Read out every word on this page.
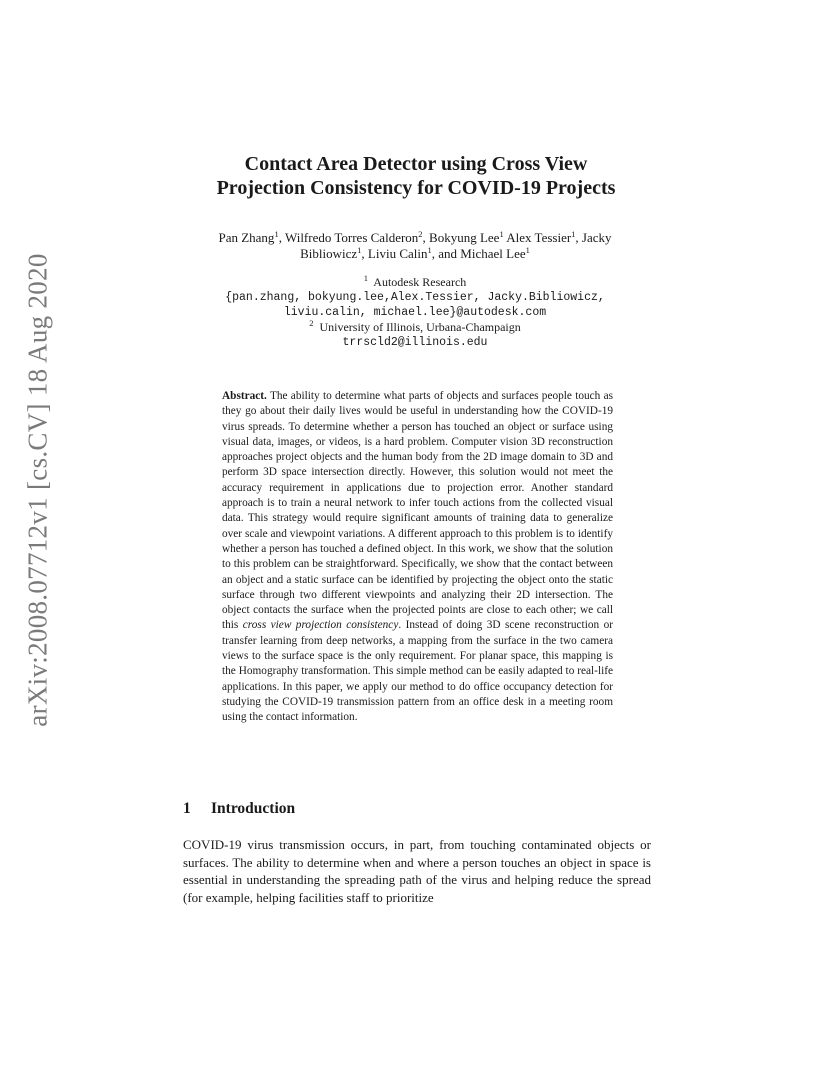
arXiv:2008.07712v1 [cs.CV] 18 Aug 2020
Contact Area Detector using Cross View
Projection Consistency for COVID-19 Projects
Pan Zhang$^1$, Wilfredo Torres Calderon$^2$, Bokyung Lee$^1$ Alex Tessier$^1$, Jacky
Bibliowicz$^1$, Liviu Calin$^1$, and Michael Lee$^1$
$^1$ Autodesk Research
{pan.zhang, bokyung.lee,Alex.Tessier, Jacky.Bibliowicz,
liviu.calin, michael.lee}@autodesk.com
$^2$ University of Illinois, Urbana-Champaign
trrscld2@illinois.edu
Abstract. The ability to determine what parts of objects and surfaces people touch as they go about their daily lives would be useful in understanding how the COVID-19 virus spreads. To determine whether a person has touched an object or surface using visual data, images, or videos, is a hard problem. Computer vision 3D reconstruction approaches project objects and the human body from the 2D image domain to 3D and perform 3D space intersection directly. However, this solution would not meet the accuracy requirement in applications due to projection error. Another standard approach is to train a neural network to infer touch actions from the collected visual data. This strategy would require significant amounts of training data to generalize over scale and viewpoint variations. A different approach to this problem is to identify whether a person has touched a defined object. In this work, we show that the solution to this problem can be straightforward. Specifically, we show that the contact between an object and a static surface can be identified by projecting the object onto the static surface through two different viewpoints and analyzing their 2D intersection. The object contacts the surface when the projected points are close to each other; we call this cross view projection consistency. Instead of doing 3D scene reconstruction or transfer learning from deep networks, a mapping from the surface in the two camera views to the surface space is the only requirement. For planar space, this mapping is the Homography transformation. This simple method can be easily adapted to real-life applications. In this paper, we apply our method to do office occupancy detection for studying the COVID-19 transmission pattern from an office desk in a meeting room using the contact information.
1 Introduction
COVID-19 virus transmission occurs, in part, from touching contaminated objects or surfaces. The ability to determine when and where a person touches an object in space is essential in understanding the spreading path of the virus and helping reduce the spread (for example, helping facilities staff to prioritize
